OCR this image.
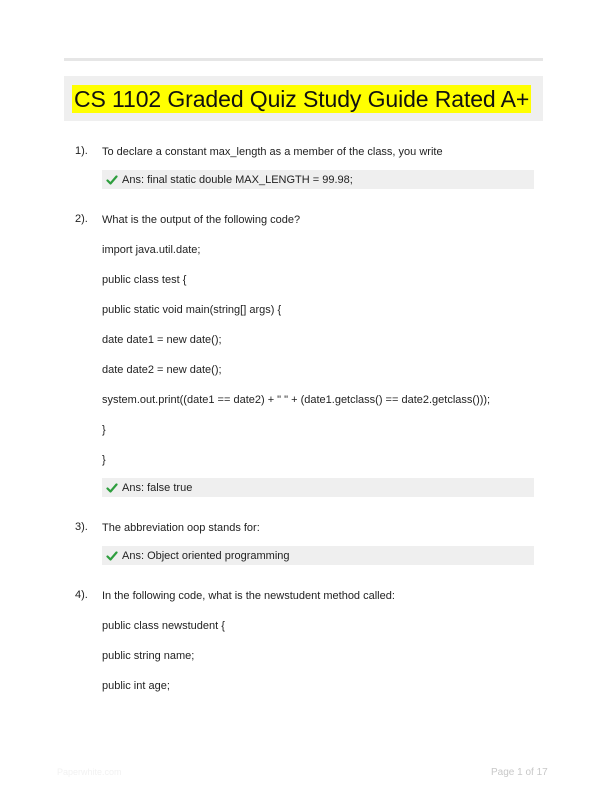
CS 1102 Graded Quiz Study Guide Rated A+
1). To declare a constant max_length as a member of the class, you write
Ans: final static double MAX_LENGTH = 99.98;
2). What is the output of the following code?
import java.util.date;
public class test {
public static void main(string[] args) {
date date1 = new date();
date date2 = new date();
system.out.print((date1 == date2) + " " + (date1.getclass() == date2.getclass()));
}
}
Ans: false true
3). The abbreviation oop stands for:
Ans: Object oriented programming
4). In the following code, what is the newstudent method called:
public class newstudent {
public string name;
public int age;
Paperwhite.com	Page 1 of 17
